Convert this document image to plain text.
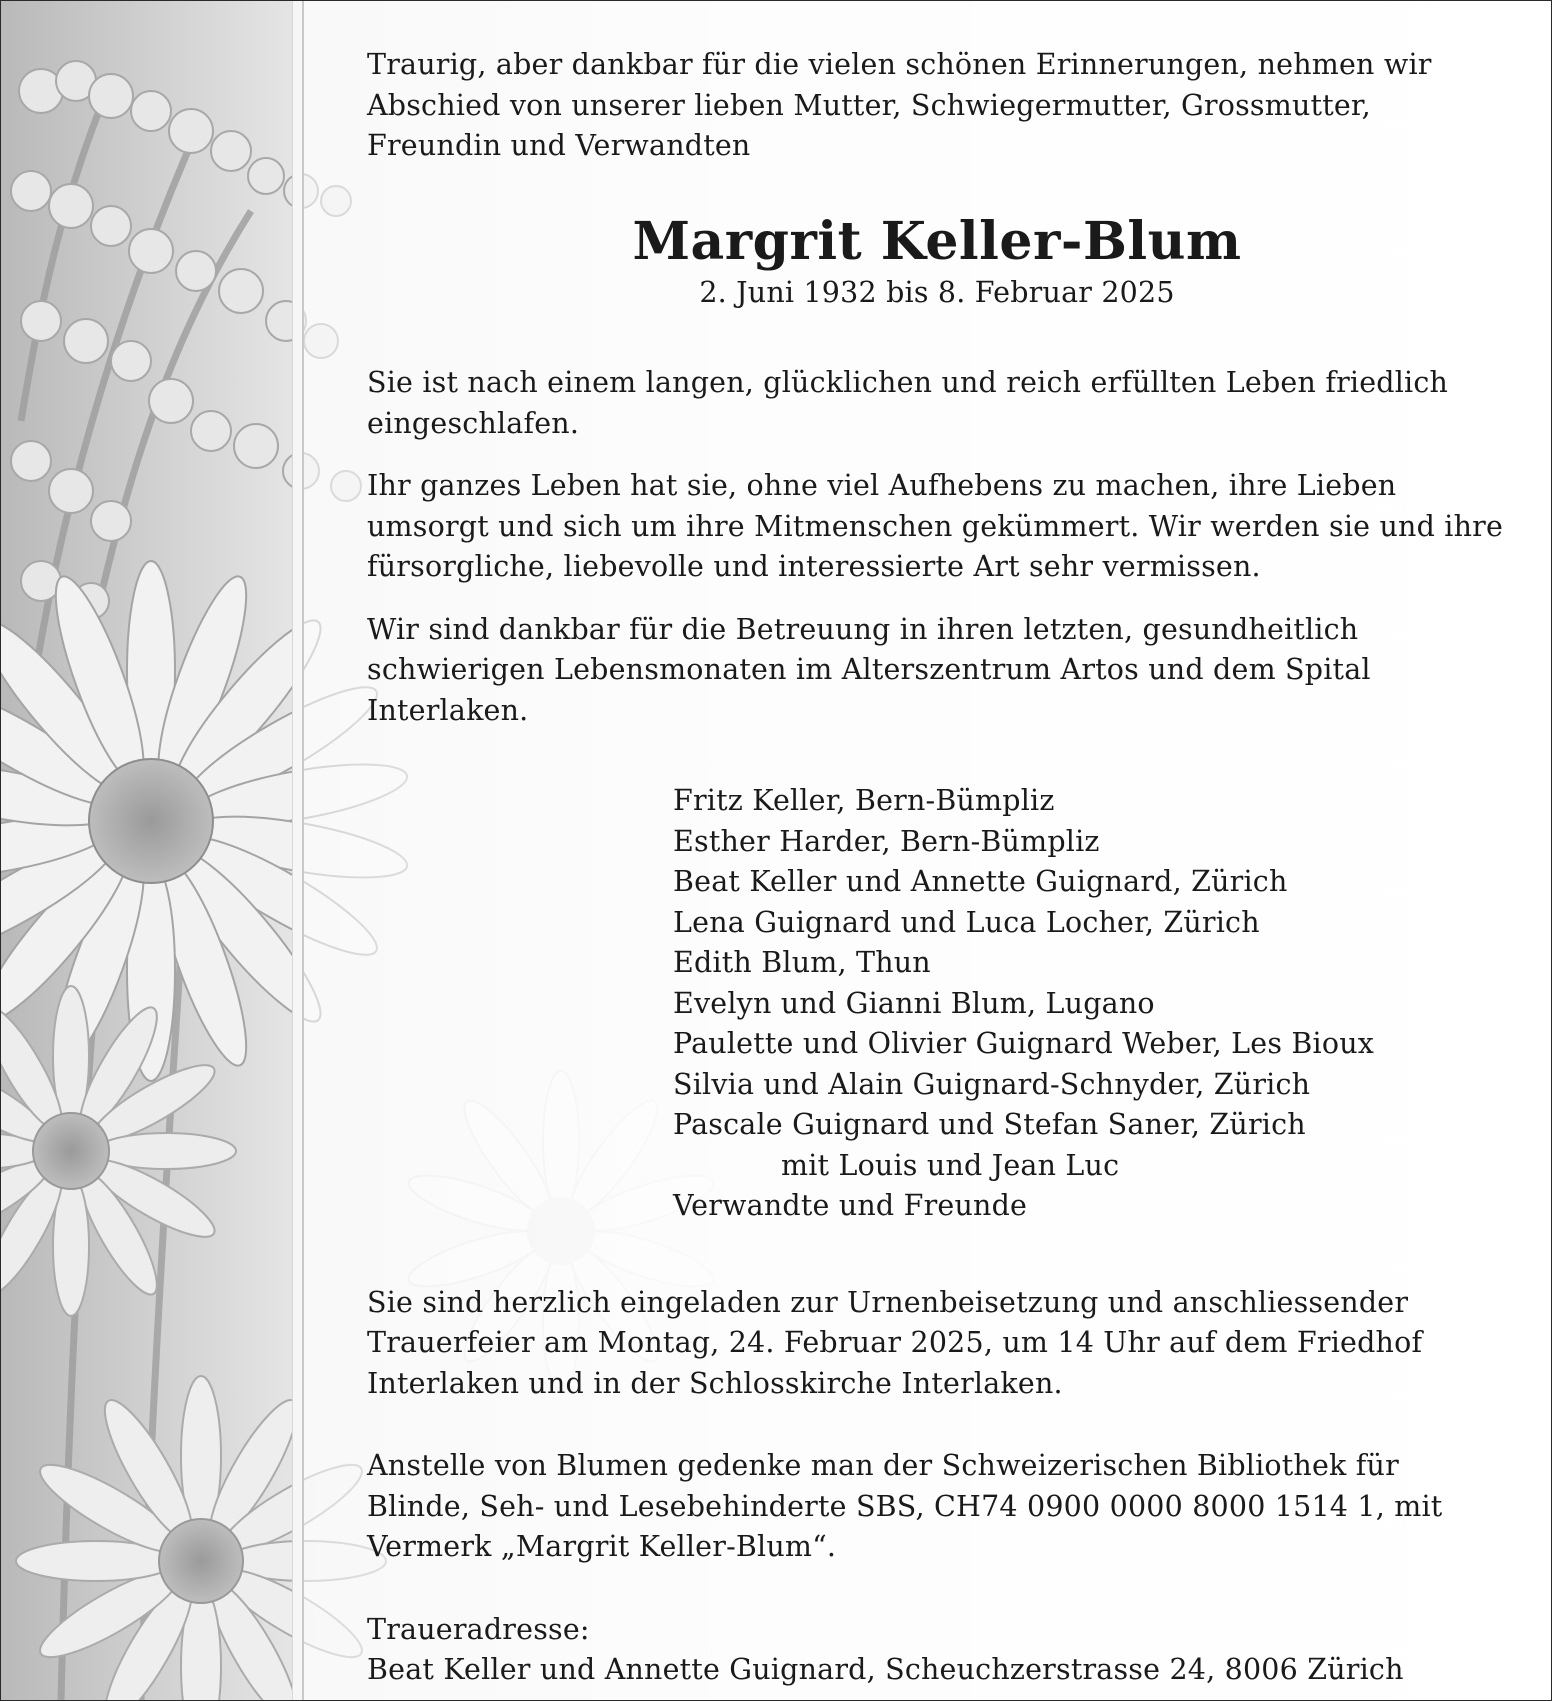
Traurig, aber dankbar für die vielen schönen Erinnerungen, nehmen wir Abschied von unserer lieben Mutter, Schwiegermutter, Grossmutter, Freundin und Verwandten

Margrit Keller-Blum

2. Juni 1932 bis 8. Februar 2025

Sie ist nach einem langen, glücklichen und reich erfüllten Leben friedlich eingeschlafen.

Ihr ganzes Leben hat sie, ohne viel Aufhebens zu machen, ihre Lieben umsorgt und sich um ihre Mitmenschen gekümmert. Wir werden sie und ihre fürsorgliche, liebevolle und interessierte Art sehr vermissen.

Wir sind dankbar für die Betreuung in ihren letzten, gesundheitlich schwierigen Lebensmonaten im Alterszentrum Artos und dem Spital Interlaken.

Fritz Keller, Bern-Bümpliz
Esther Harder, Bern-Bümpliz
Beat Keller und Annette Guignard, Zürich
Lena Guignard und Luca Locher, Zürich
Edith Blum, Thun
Evelyn und Gianni Blum, Lugano
Paulette und Olivier Guignard Weber, Les Bioux
Silvia und Alain Guignard-Schnyder, Zürich
Pascale Guignard und Stefan Saner, Zürich
mit Louis und Jean Luc
Verwandte und Freunde

Sie sind herzlich eingeladen zur Urnenbeisetzung und anschliessender Trauerfeier am Montag, 24. Februar 2025, um 14 Uhr auf dem Friedhof Interlaken und in der Schlosskirche Interlaken.

Anstelle von Blumen gedenke man der Schweizerischen Bibliothek für Blinde, Seh- und Lesebehinderte SBS, CH74 0900 0000 8000 1514 1, mit Vermerk „Margrit Keller-Blum“.

Traueradresse:

Beat Keller und Annette Guignard, Scheuchzerstrasse 24, 8006 Zürich
